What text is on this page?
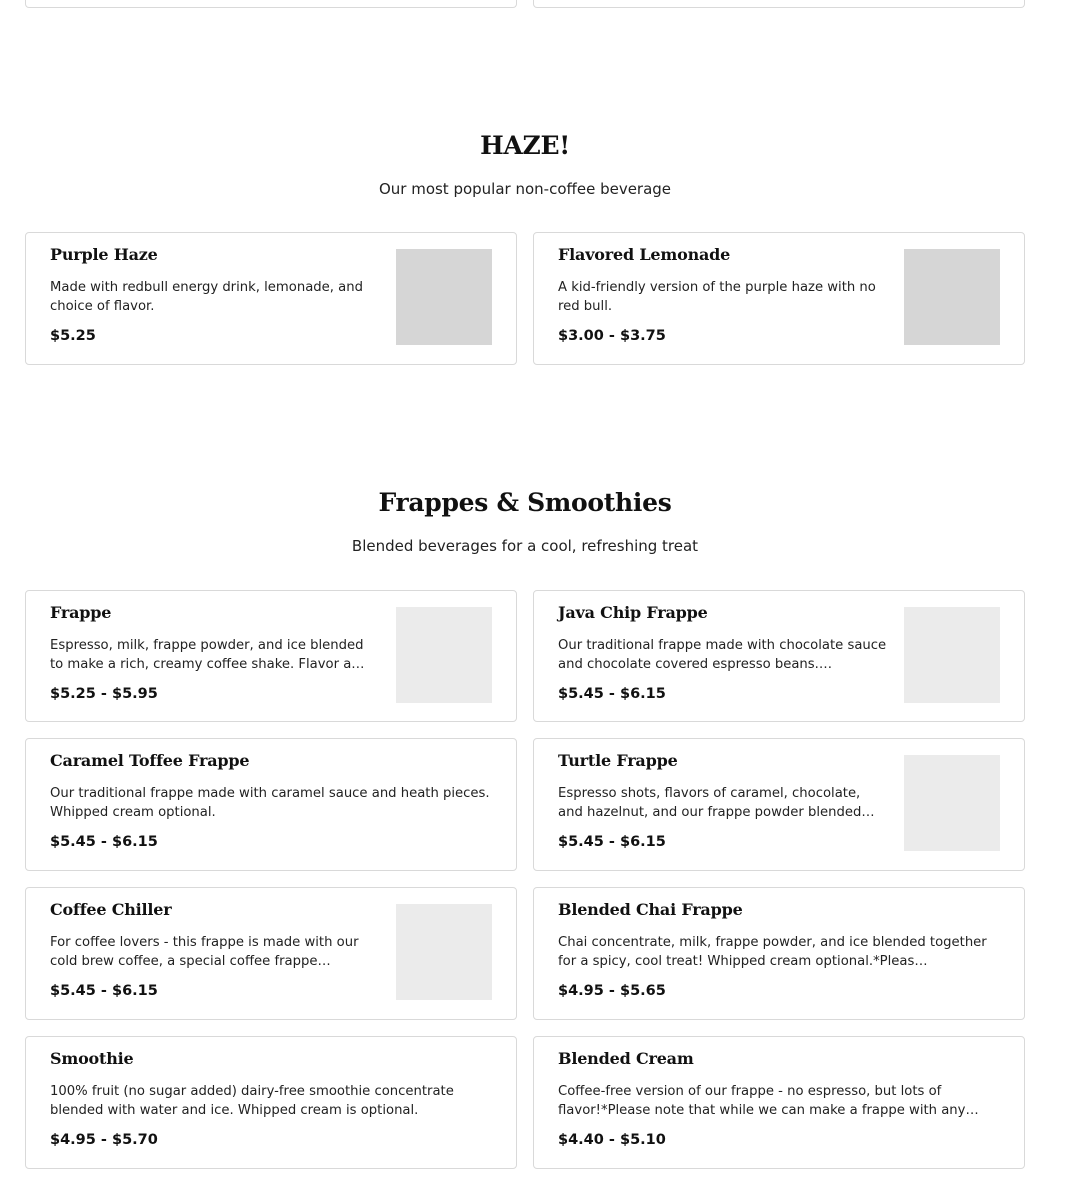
HAZE!
Our most popular non-coffee beverage
Purple Haze
Made with redbull energy drink, lemonade, and choice of flavor.
$5.25
Flavored Lemonade
A kid-friendly version of the purple haze with no red bull.
$3.00 - $3.75
Frappes & Smoothies
Blended beverages for a cool, refreshing treat
Frappe
Espresso, milk, frappe powder, and ice blended to make a rich, creamy coffee shake. Flavor a…
$5.25 - $5.95
Java Chip Frappe
Our traditional frappe made with chocolate sauce and chocolate covered espresso beans.…
$5.45 - $6.15
Caramel Toffee Frappe
Our traditional frappe made with caramel sauce and heath pieces. Whipped cream optional.
$5.45 - $6.15
Turtle Frappe
Espresso shots, flavors of caramel, chocolate, and hazelnut, and our frappe powder blended…
$5.45 - $6.15
Coffee Chiller
For coffee lovers - this frappe is made with our cold brew coffee, a special coffee frappe…
$5.45 - $6.15
Blended Chai Frappe
Chai concentrate, milk, frappe powder, and ice blended together for a spicy, cool treat! Whipped cream optional.*Pleas…
$4.95 - $5.65
Smoothie
100% fruit (no sugar added) dairy-free smoothie concentrate blended with water and ice. Whipped cream is optional.
$4.95 - $5.70
Blended Cream
Coffee-free version of our frappe - no espresso, but lots of flavor!*Please note that while we can make a frappe with any…
$4.40 - $5.10
